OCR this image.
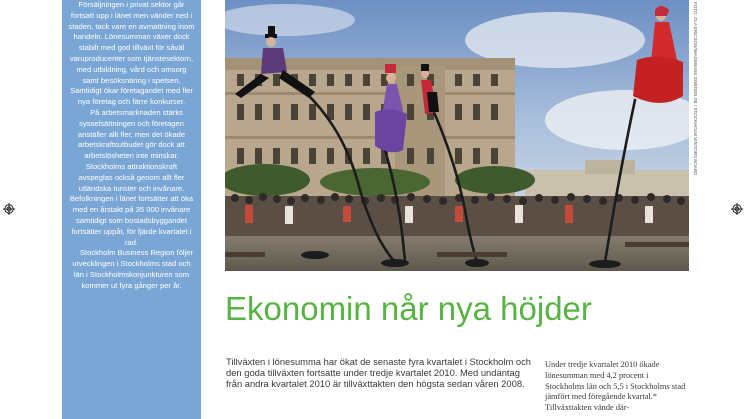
Försäljningen i privat sektor går fortsatt upp i länet men vänder ned i staden, tack vare en avmattning inom handeln. Lönesumman växer dock stabilt med god tillväxt för såväl varuproducenter som tjänstesektorn, med utbildning, vård och omsorg samt besöksnäring i spetsen. Samtidigt ökar företagandet med fler nya företag och färre konkurser.

På arbetsmarknaden stärks sysselsättningen och företagen anställer allt fler, men det ökade arbetskraftsutbudet gör dock att arbetslösheten inte minskar. Stockholms attraktionskraft avspeglas också genom allt fler utländska turister och invånare. Befolkningen i länet fortsätter att öka med en årstakt på 35 000 invånare samtidigt som bostadsbyggandet fortsätter uppåt, för fjärde kvartalet i rad.

Stockholm Business Region följer utvecklingen i Stockholms stad och län i Stockholmskonjunkturen som kommer ut fyra gånger per år.

FOTO: OLA ERICSON/IMAGEBANK.SWEDEN.SE / STOCKHOLM VISITORS BOARD
Ekonomin når nya höjder

Tillväxten i lönesumma har ökat de senaste fyra kvartalet i Stockholm och den goda tillväxten fortsatte under tredje kvartalet 2010. Med undantag från andra kvartalet 2010 är tillväxttakten den högsta sedan våren 2008.

Under tredje kvartalet 2010 ökade lönesumman med 4,2 procent i Stockholms län och 5,5 i Stockholms stad jämfört med föregående kvartal.* Tillväxttakten vände där-
